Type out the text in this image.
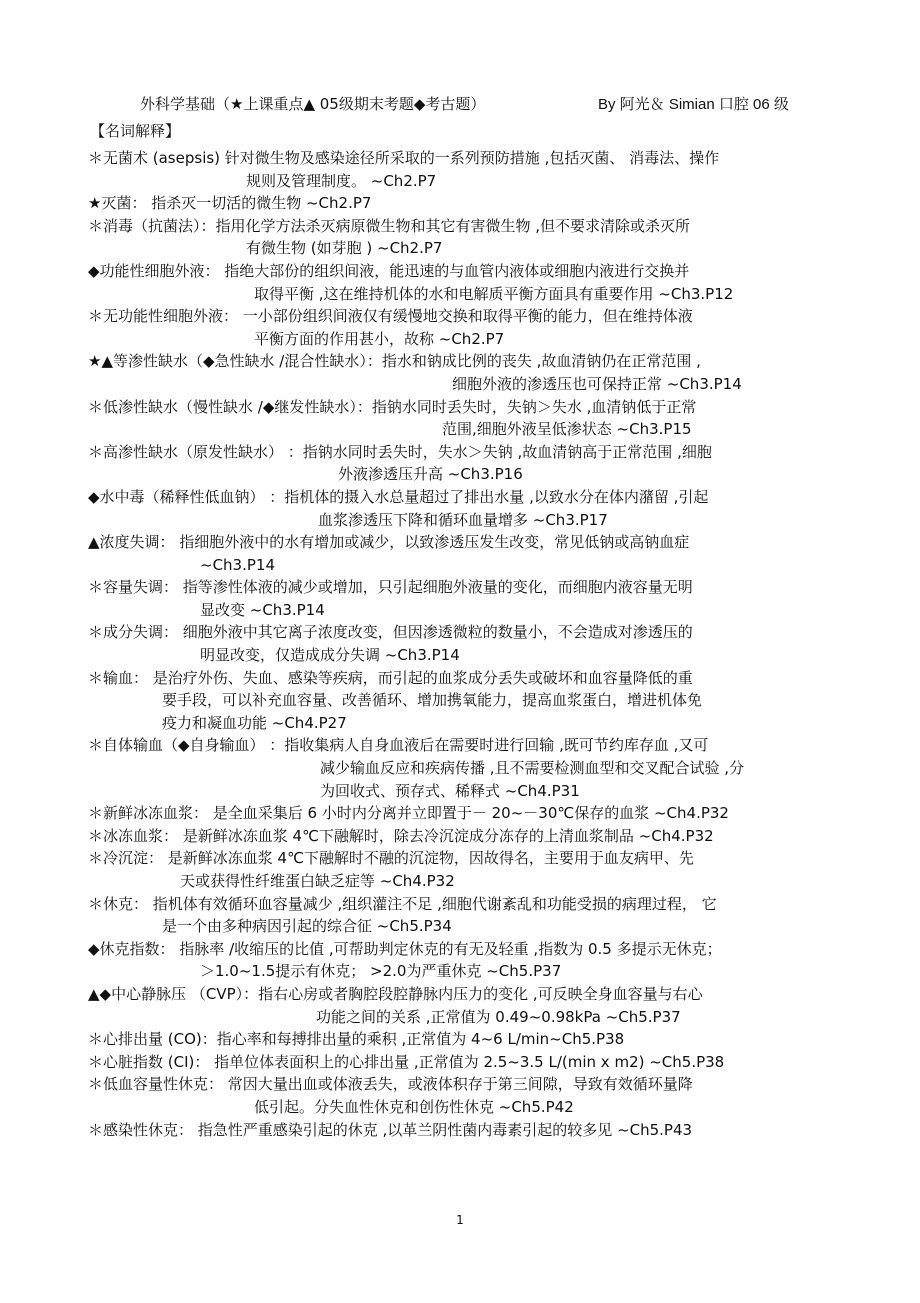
外科学基础（★上课重点▲ 05级期末考题◆考古题）	By 阿光＆ Simian 口腔 06 级
【名词解释】
＊无菌术 (asepsis) 针对微生物及感染途径所采取的一系列预防措施 ,包括灭菌、 消毒法、操作
规则及管理制度。 ~Ch2.P7
★灭菌： 指杀灭一切活的微生物 ~Ch2.P7
＊消毒（抗菌法）：指用化学方法杀灭病原微生物和其它有害微生物 ,但不要求清除或杀灭所
有微生物 (如芽胞 ) ~Ch2.P7
◆功能性细胞外液： 指绝大部份的组织间液，能迅速的与血管内液体或细胞内液进行交换并
取得平衡 ,这在维持机体的水和电解质平衡方面具有重要作用 ~Ch3.P12
＊无功能性细胞外液： 一小部份组织间液仅有缓慢地交换和取得平衡的能力，但在维持体液
平衡方面的作用甚小，故称 ~Ch2.P7
★▲等渗性缺水（◆急性缺水 /混合性缺水）：指水和钠成比例的丧失 ,故血清钠仍在正常范围 ,
细胞外液的渗透压也可保持正常 ~Ch3.P14
＊低渗性缺水（慢性缺水 /◆继发性缺水）：指钠水同时丢失时，失钠＞失水 ,血清钠低于正常
范围,细胞外液呈低渗状态 ~Ch3.P15
＊高渗性缺水（原发性缺水） ：指钠水同时丢失时，失水＞失钠 ,故血清钠高于正常范围 ,细胞
外液渗透压升高 ~Ch3.P16
◆水中毒（稀释性低血钠） ：指机体的摄入水总量超过了排出水量 ,以致水分在体内潴留 ,引起
血浆渗透压下降和循环血量增多 ~Ch3.P17
▲浓度失调： 指细胞外液中的水有增加或减少，以致渗透压发生改变，常见低钠或高钠血症
~Ch3.P14
＊容量失调： 指等渗性体液的减少或增加，只引起细胞外液量的变化，而细胞内液容量无明
显改变 ~Ch3.P14
＊成分失调： 细胞外液中其它离子浓度改变，但因渗透微粒的数量小，不会造成对渗透压的
明显改变，仅造成成分失调 ~Ch3.P14
＊输血： 是治疗外伤、失血、感染等疾病，而引起的血浆成分丢失或破坏和血容量降低的重
要手段，可以补充血容量、改善循环、增加携氧能力，提高血浆蛋白，增进机体免
疫力和凝血功能 ~Ch4.P27
＊自体输血（◆自身输血） ：指收集病人自身血液后在需要时进行回输 ,既可节约库存血 ,又可
减少输血反应和疾病传播 ,且不需要检测血型和交叉配合试验 ,分
为回收式、预存式、稀释式 ~Ch4.P31
＊新鲜冰冻血浆： 是全血采集后 6 小时内分离并立即置于－ 20~－30℃保存的血浆 ~Ch4.P32
＊冰冻血浆： 是新鲜冰冻血浆 4℃下融解时，除去冷沉淀成分冻存的上清血浆制品 ~Ch4.P32
＊冷沉淀： 是新鲜冰冻血浆 4℃下融解时不融的沉淀物，因故得名，主要用于血友病甲、先
天或获得性纤维蛋白缺乏症等 ~Ch4.P32
＊休克： 指机体有效循环血容量减少 ,组织灌注不足 ,细胞代谢紊乱和功能受损的病理过程， 它
是一个由多种病因引起的综合征 ~Ch5.P34
◆休克指数： 指脉率 /收缩压的比值 ,可帮助判定休克的有无及轻重 ,指数为 0.5 多提示无休克；
＞1.0~1.5提示有休克； >2.0为严重休克 ~Ch5.P37
▲◆中心静脉压 （CVP）：指右心房或者胸腔段腔静脉内压力的变化 ,可反映全身血容量与右心
功能之间的关系 ,正常值为 0.49~0.98kPa ~Ch5.P37
＊心排出量 (CO)：指心率和每搏排出量的乘积 ,正常值为 4~6 L/min~Ch5.P38
＊心脏指数 (CI)： 指单位体表面积上的心排出量 ,正常值为 2.5~3.5 L/(min x m2) ~Ch5.P38
＊低血容量性休克： 常因大量出血或体液丢失，或液体积存于第三间隙，导致有效循环量降
低引起。分失血性休克和创伤性休克 ~Ch5.P42
＊感染性休克： 指急性严重感染引起的休克 ,以革兰阴性菌内毒素引起的较多见 ~Ch5.P43
1
